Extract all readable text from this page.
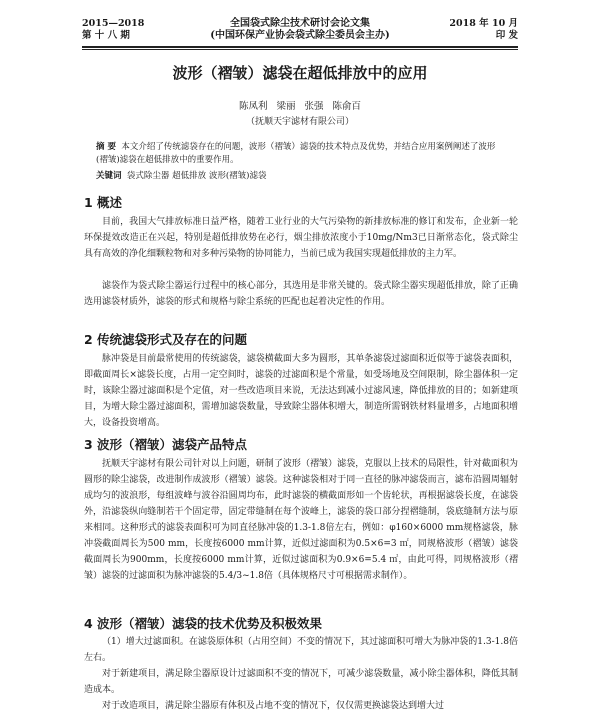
2015—2018
第 十 八 期
全国袋式除尘技术研讨会论文集
(中国环保产业协会袋式除尘委员会主办)
2018 年 10 月
印 发
波形（褶皱）滤袋在超低排放中的应用
陈凤利 梁丽 张强 陈俞百
（抚顺天宇滤材有限公司）
摘 要 本文介绍了传统滤袋存在的问题，波形（褶皱）滤袋的技术特点及优势，并结合应用案例阐述了波形(褶皱)滤袋在超低排放中的重要作用。
关键词 袋式除尘器 超低排放 波形(褶皱)滤袋
1 概述
目前，我国大气排放标准日益严格，随着工业行业的大气污染物的新排放标准的修订和发布，企业新一轮环保提效改造正在兴起，特别是超低排放势在必行，烟尘排放浓度小于10mg/Nm3已日渐常态化，袋式除尘具有高效的净化细颗粒物和对多种污染物的协同能力，当前已成为我国实现超低排放的主力军。
滤袋作为袋式除尘器运行过程中的核心部分，其选用是非常关键的。袋式除尘器实现超低排放，除了正确选用滤袋材质外，滤袋的形式和规格与除尘系统的匹配也起着决定性的作用。
2 传统滤袋形式及存在的问题
脉冲袋是目前最常使用的传统滤袋，滤袋横截面大多为圆形，其单条滤袋过滤面积近似等于滤袋表面积，即截面周长×滤袋长度，占用一定空间时，滤袋的过滤面积是个常量，如受场地及空间限制，除尘器体积一定时，该除尘器过滤面积是个定值，对一些改造项目来说，无法达到减小过滤风速，降低排放的目的；如新建项目，为增大除尘器过滤面积，需增加滤袋数量，导致除尘器体积增大，制造所需钢铁材料量增多，占地面积增大，设备投资增高。
3 波形（褶皱）滤袋产品特点
抚顺天宇滤材有限公司针对以上问题，研制了波形（褶皱）滤袋，克服以上技术的局限性，针对截面积为圆形的除尘滤袋，改进制作成波形（褶皱）滤袋。这种滤袋相对于同一直径的脉冲滤袋而言，滤布沿圆周辐射成均匀的波浪形，每组波峰与波谷沿圆周均布，此时滤袋的横截面形如一个齿轮状，再根据滤袋长度，在滤袋外，沿滤袋纵向缝制若干个固定带，固定带缝制在每个波峰上，滤袋的袋口部分捏褶缝制，袋底缝制方法与原来相同。这种形式的滤袋表面积可为同直径脉冲袋的1.3-1.8倍左右，例如：φ160×6000 mm规格滤袋，脉冲袋截面周长为500 mm，长度按6000 mm计算，近似过滤面积为0.5×6=3 ㎡，同规格波形（褶皱）滤袋截面周长为900mm，长度按6000 mm计算，近似过滤面积为0.9×6=5.4 ㎡，由此可得，同规格波形（褶皱）滤袋的过滤面积为脉冲滤袋的5.4/3~1.8倍（具体规格尺寸可根据需求制作）。
4 波形（褶皱）滤袋的技术优势及积极效果
（1）增大过滤面积。在滤袋原体积（占用空间）不变的情况下，其过滤面积可增大为脉冲袋的1.3-1.8倍左右。
对于新建项目，满足除尘器原设计过滤面积不变的情况下，可减少滤袋数量，减小除尘器体积，降低其制造成本。
对于改造项目，满足除尘器原有体积及占地不变的情况下，仅仅需更换滤袋达到增大过
